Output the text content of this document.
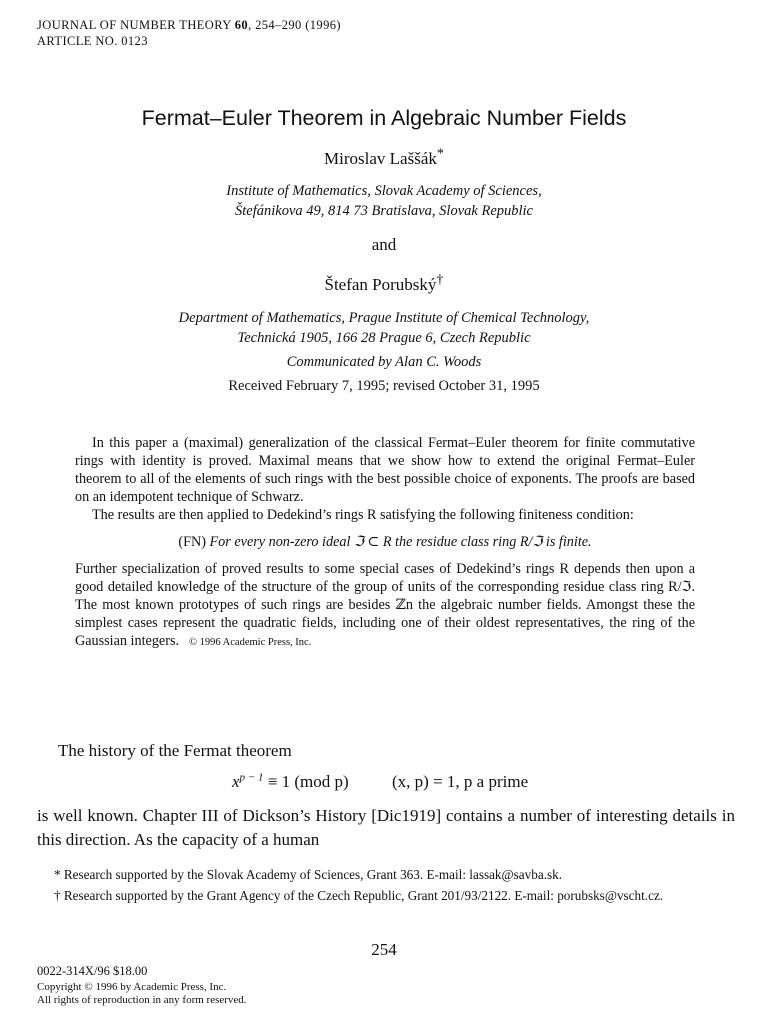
JOURNAL OF NUMBER THEORY 60, 254–290 (1996)
ARTICLE NO. 0123
Fermat–Euler Theorem in Algebraic Number Fields
Miroslav Laššák*
Institute of Mathematics, Slovak Academy of Sciences,
Štefánikova 49, 814 73 Bratislava, Slovak Republic
and
Štefan Porubský†
Department of Mathematics, Prague Institute of Chemical Technology,
Technická 1905, 166 28 Prague 6, Czech Republic
Communicated by Alan C. Woods
Received February 7, 1995; revised October 31, 1995

In this paper a (maximal) generalization of the classical Fermat–Euler theorem for finite commutative rings with identity is proved. Maximal means that we show how to extend the original Fermat–Euler theorem to all of the elements of such rings with the best possible choice of exponents. The proofs are based on an idempotent technique of Schwarz.

The results are then applied to Dedekind’s rings R satisfying the following finiteness condition:

(FN) For every non-zero ideal ℑ ⊂ R the residue class ring R/ℑ is finite.

Further specialization of proved results to some special cases of Dedekind’s rings R depends then upon a good detailed knowledge of the structure of the group of units of the corresponding residue class ring R/ℑ. The most known prototypes of such rings are besides ℤn the algebraic number fields. Amongst these the simplest cases represent the quadratic fields, including one of their oldest representatives, the ring of the Gaussian integers. © 1996 Academic Press, Inc.

The history of the Fermat theorem
$x^{p - 1} \equiv 1$ (mod p)	(x, p) = 1, p a prime
is well known. Chapter III of Dickson’s History [Dic1919] contains a number of interesting details in this direction. As the capacity of a human

* Research supported by the Slovak Academy of Sciences, Grant 363. E-mail: lassak@savba.sk.

† Research supported by the Grant Agency of the Czech Republic, Grant 201/93/2122. E-mail: porubsks@vscht.cz.

254
0022-314X/96 $18.00
Copyright © 1996 by Academic Press, Inc.
All rights of reproduction in any form reserved.
